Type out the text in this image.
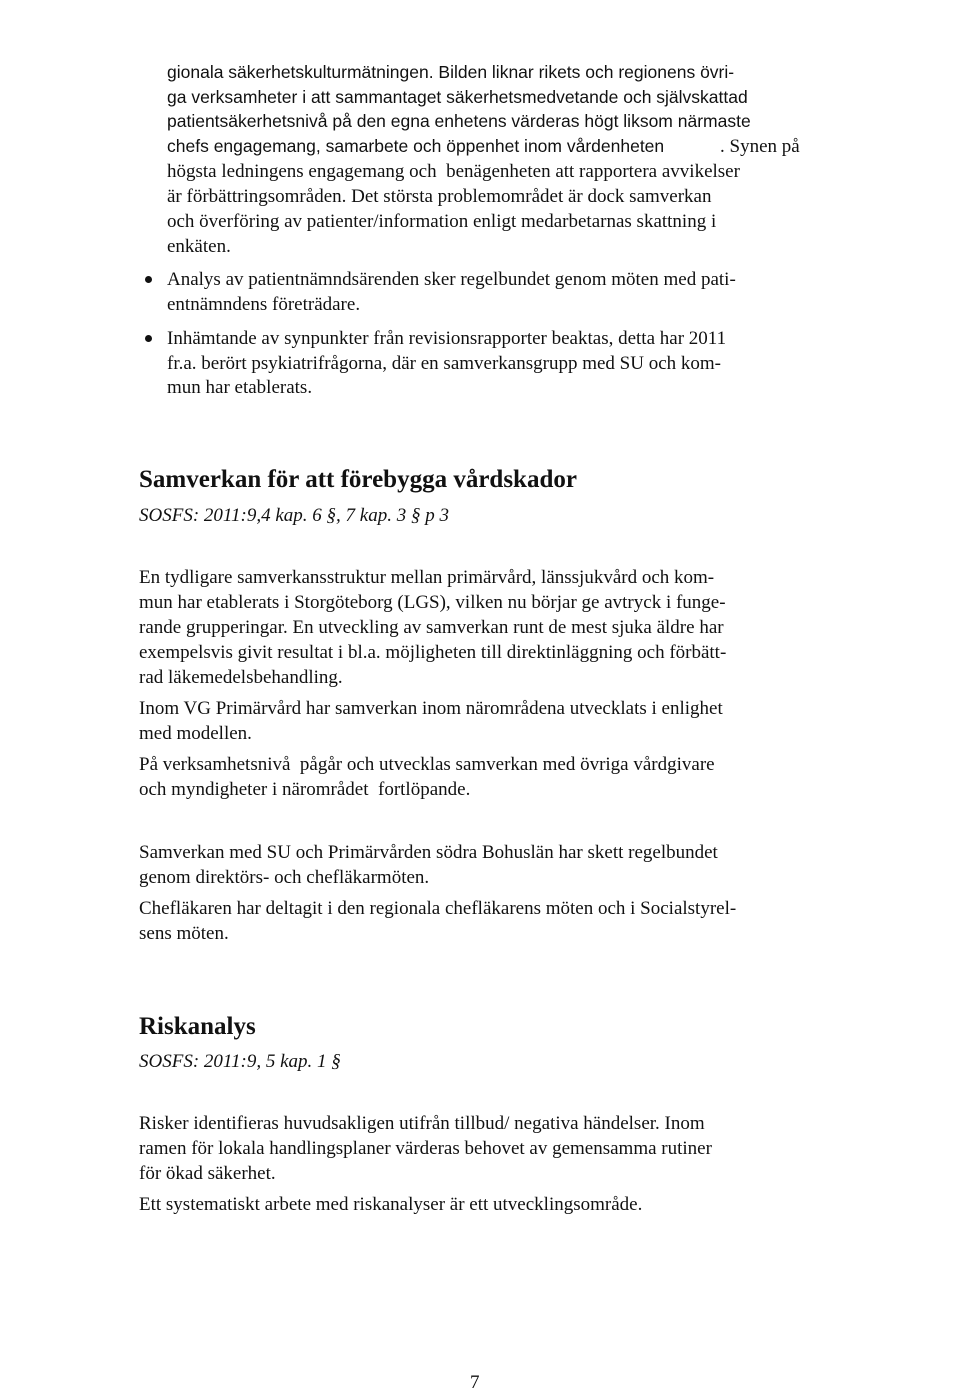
gionala säkerhetskulturmätningen. Bilden liknar rikets och regionens övri-

ga verksamheter i att sammantaget säkerhetsmedvetande och självskattad

patientsäkerhetsnivå på den egna enhetens värderas högt liksom närmaste

chefs engagemang, samarbete och öppenhet inom vårdenheten	. Synen på

högsta ledningens engagemang och  benägenheten att rapportera avvikelser

är förbättringsområden. Det största problemområdet är dock samverkan

och överföring av patienter/information enligt medarbetarnas skattning i

enkäten.

Analys av patientnämndsärenden sker regelbundet genom möten med pati-

entnämndens företrädare.

Inhämtande av synpunkter från revisionsrapporter beaktas, detta har 2011

fr.a. berört psykiatrifrågorna, där en samverkansgrupp med SU och kom-

mun har etablerats.

Samverkan för att förebygga vårdskador

SOSFS: 2011:9,4 kap. 6 §, 7 kap. 3 § p 3

En tydligare samverkansstruktur mellan primärvård, länssjukvård och kom-

mun har etablerats i Storgöteborg (LGS), vilken nu börjar ge avtryck i funge-

rande grupperingar. En utveckling av samverkan runt de mest sjuka äldre har

exempelsvis givit resultat i bl.a. möjligheten till direktinläggning och förbätt-

rad läkemedelsbehandling.

Inom VG Primärvård har samverkan inom närområdena utvecklats i enlighet

med modellen.

På verksamhetsnivå  pågår och utvecklas samverkan med övriga vårdgivare

och myndigheter i närområdet  fortlöpande.

Samverkan med SU och Primärvården södra Bohuslän har skett regelbundet

genom direktörs- och chefläkarmöten.

Chefläkaren har deltagit i den regionala chefläkarens möten och i Socialstyrel-

sens möten.

Riskanalys

SOSFS: 2011:9, 5 kap. 1 §

Risker identifieras huvudsakligen utifrån tillbud/ negativa händelser. Inom

ramen för lokala handlingsplaner värderas behovet av gemensamma rutiner

för ökad säkerhet.

Ett systematiskt arbete med riskanalyser är ett utvecklingsområde.

7
